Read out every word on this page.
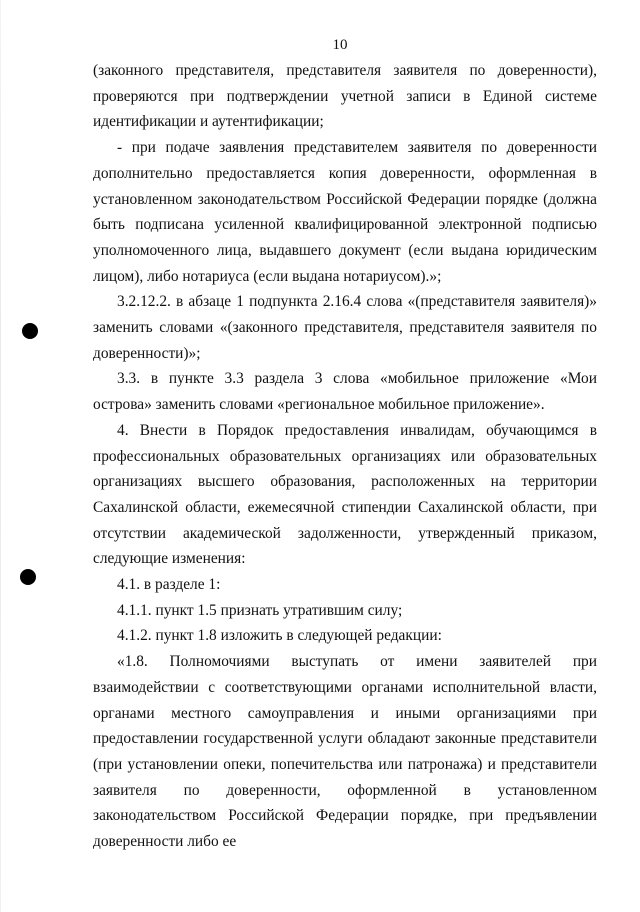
10

(законного представителя, представителя заявителя по доверенности), проверяются при подтверждении учетной записи в Единой системе идентификации и аутентификации;

- при подаче заявления представителем заявителя по доверенности дополнительно предоставляется копия доверенности, оформленная в установленном законодательством Российской Федерации порядке (должна быть подписана усиленной квалифицированной электронной подписью уполномоченного лица, выдавшего документ (если выдана юридическим лицом), либо нотариуса (если выдана нотариусом).»;

3.2.12.2. в абзаце 1 подпункта 2.16.4 слова «(представителя заявителя)» заменить словами «(законного представителя, представителя заявителя по доверенности)»;

3.3. в пункте 3.3 раздела 3 слова «мобильное приложение «Мои острова» заменить словами «региональное мобильное приложение».

4. Внести в Порядок предоставления инвалидам, обучающимся в профессиональных образовательных организациях или образовательных организациях высшего образования, расположенных на территории Сахалинской области, ежемесячной стипендии Сахалинской области, при отсутствии академической задолженности, утвержденный приказом, следующие изменения:

4.1. в разделе 1:

4.1.1. пункт 1.5 признать утратившим силу;

4.1.2. пункт 1.8 изложить в следующей редакции:

«1.8. Полномочиями выступать от имени заявителей при взаимодействии с соответствующими органами исполнительной власти, органами местного самоуправления и иными организациями при предоставлении государственной услуги обладают законные представители (при установлении опеки, попечительства или патронажа) и представители заявителя по доверенности, оформленной в установленном законодательством Российской Федерации порядке, при предъявлении доверенности либо ее
